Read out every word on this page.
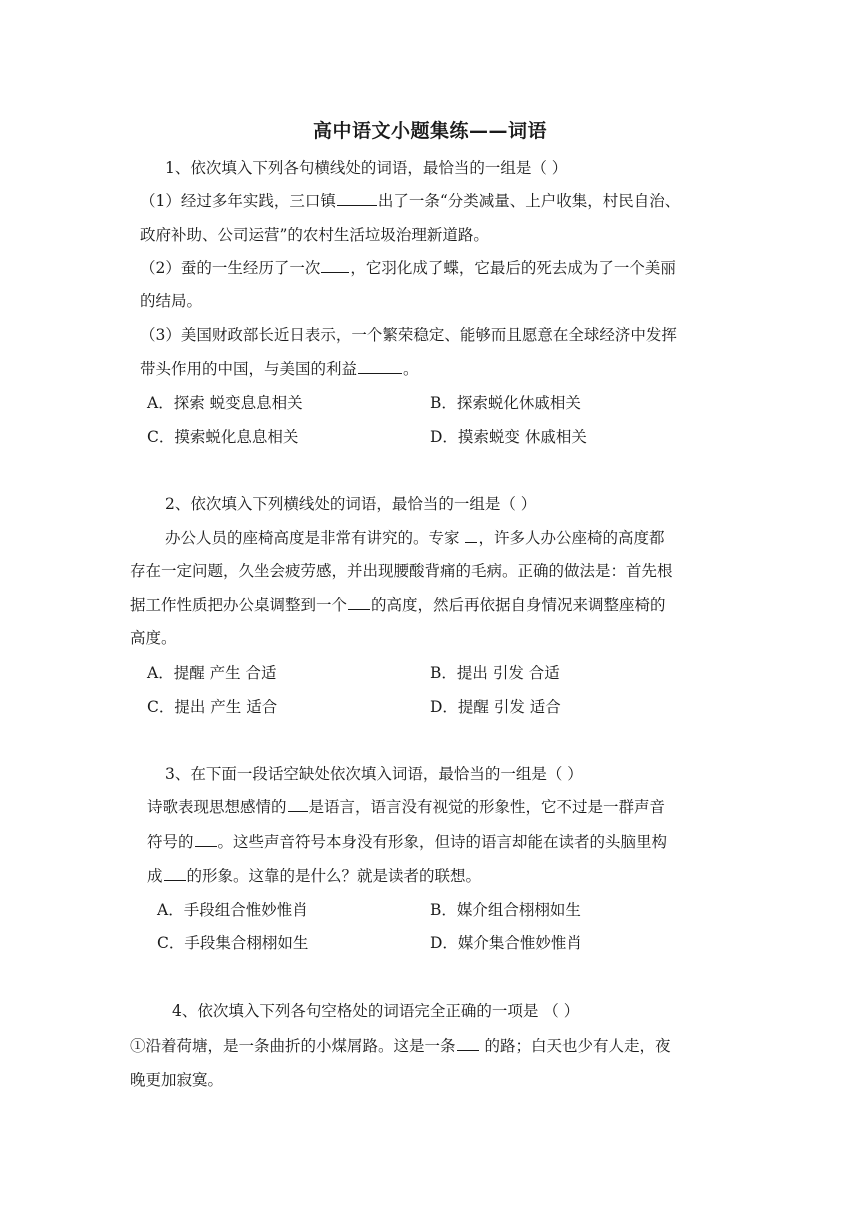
高中语文小题集练——词语
1、依次填入下列各句横线处的词语，最恰当的一组是（ ）
（1）经过多年实践，三口镇	出了一条“分类减量、上户收集，村民自治、
政府补助、公司运营”的农村生活垃圾治理新道路。
（2）蚕的一生经历了一次 ，它羽化成了蝶，它最后的死去成为了一个美丽
的结局。
（3）美国财政部长近日表示，一个繁荣稳定、能够而且愿意在全球经济中发挥
带头作用的中国，与美国的利益	。
A．探索 蜕变息息相关	B．探索蜕化休戚相关
C．摸索蜕化息息相关	D．摸索蜕变 休戚相关
2、依次填入下列横线处的词语，最恰当的一组是（ ）
办公人员的座椅高度是非常有讲究的。专家 ，许多人办公座椅的高度都
存在一定问题，久坐会疲劳感，并出现腰酸背痛的毛病。正确的做法是：首先根
据工作性质把办公桌调整到一个 的高度，然后再依据自身情况来调整座椅的
高度。
A．提醒 产生 合适	B．提出 引发 合适
C．提出 产生 适合	D．提醒 引发 适合
3、在下面一段话空缺处依次填入词语，最恰当的一组是（ ）
诗歌表现思想感情的 是语言，语言没有视觉的形象性，它不过是一群声音
符号的 。这些声音符号本身没有形象，但诗的语言却能在读者的头脑里构
成 的形象。这靠的是什么？就是读者的联想。
A．手段组合惟妙惟肖	B．媒介组合栩栩如生
C．手段集合栩栩如生	D．媒介集合惟妙惟肖
4、依次填入下列各句空格处的词语完全正确的一项是 （ ）
①沿着荷塘，是一条曲折的小煤屑路。这是一条 的路；白天也少有人走，夜
晚更加寂寞。
